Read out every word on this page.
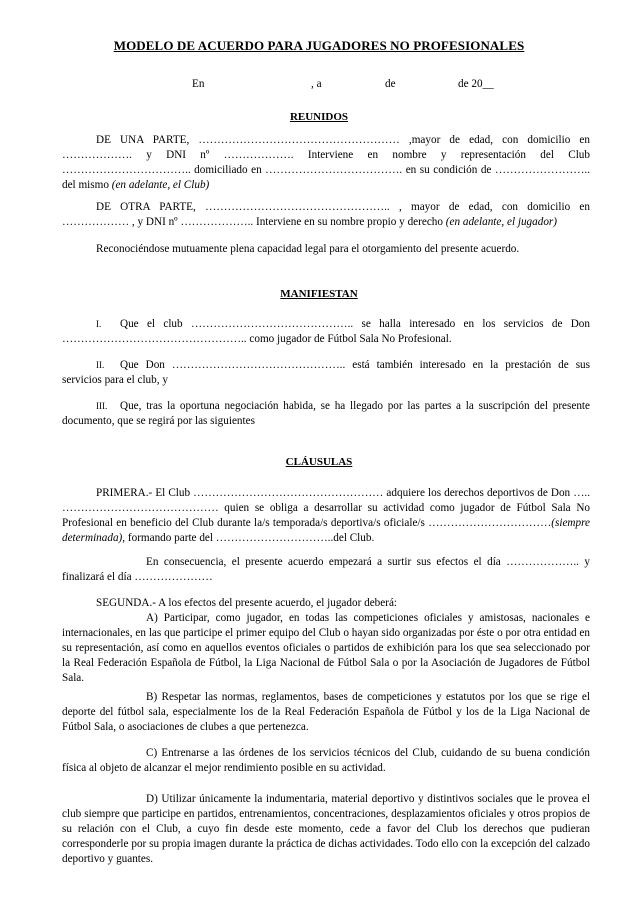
MODELO DE ACUERDO PARA JUGADORES NO PROFESIONALES
En	, a	de	de 20__
REUNIDOS
DE UNA PARTE, ……………………………………………… ,mayor de edad, con domicilio en ………………. y DNI nº ………………. Interviene en nombre y representación del Club …………………………….. domiciliado en ………………………………. en su condición de …………………….. del mismo (en adelante, el Club)
DE OTRA PARTE, ………………………………………….. , mayor de edad, con domicilio en ……………… , y DNI nº ……………….. Interviene en su nombre propio y derecho (en adelante, el jugador)
Reconociéndose mutuamente plena capacidad legal para el otorgamiento del presente acuerdo.
MANIFIESTAN
I. Que el club …………………………………….. se halla interesado en los servicios de Don ………………………………………….. como jugador de Fútbol Sala No Profesional.
II. Que Don ……………………………………….. está también interesado en la prestación de sus servicios para el club, y
III. Que, tras la oportuna negociación habida, se ha llegado por las partes a la suscripción del presente documento, que se regirá por las siguientes
CLÁUSULAS
PRIMERA.- El Club …………………………………………… adquiere los derechos deportivos de Don ….. …………………………………… quien se obliga a desarrollar su actividad como jugador de Fútbol Sala No Profesional en beneficio del Club durante la/s temporada/s deportiva/s oficiale/s ……………………………(siempre determinada), formando parte del …………………………..del Club.
En consecuencia, el presente acuerdo empezará a surtir sus efectos el día ……………….. y finalizará el día …………………
SEGUNDA.- A los efectos del presente acuerdo, el jugador deberá:
A) Participar, como jugador, en todas las competiciones oficiales y amistosas, nacionales e internacionales, en las que participe el primer equipo del Club o hayan sido organizadas por éste o por otra entidad en su representación, así como en aquellos eventos oficiales o partidos de exhibición para los que sea seleccionado por la Real Federación Española de Fútbol, la Liga Nacional de Fútbol Sala o por la Asociación de Jugadores de Fútbol Sala.
B) Respetar las normas, reglamentos, bases de competiciones y estatutos por los que se rige el deporte del fútbol sala, especialmente los de la Real Federación Española de Fútbol y los de la Liga Nacional de Fútbol Sala, o asociaciones de clubes a que pertenezca.
C) Entrenarse a las órdenes de los servicios técnicos del Club, cuidando de su buena condición física al objeto de alcanzar el mejor rendimiento posible en su actividad.
D) Utilizar únicamente la indumentaria, material deportivo y distintivos sociales que le provea el club siempre que participe en partidos, entrenamientos, concentraciones, desplazamientos oficiales y otros propios de su relación con el Club, a cuyo fin desde este momento, cede a favor del Club los derechos que pudieran corresponderle por su propia imagen durante la práctica de dichas actividades. Todo ello con la excepción del calzado deportivo y guantes.
